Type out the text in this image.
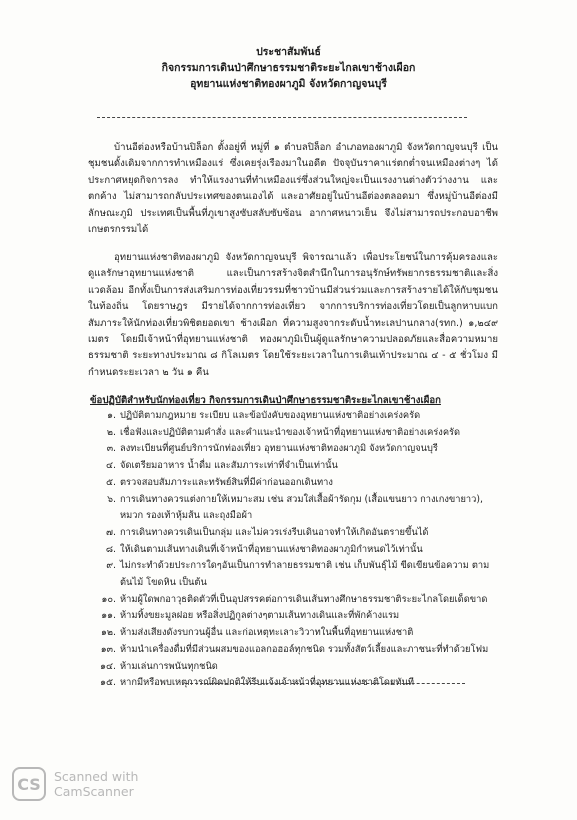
ประชาสัมพันธ์
กิจกรรมการเดินป่าศึกษาธรรมชาติระยะไกลเขาช้างเผือก
อุทยานแห่งชาติทองผาภูมิ จังหวัดกาญจนบุรี
บ้านอีต่องหรือบ้านปิล็อก ตั้งอยู่ที่ หมู่ที่ ๑ ตำบลปิล็อก อำเภอทองผาภูมิ จังหวัดกาญจนบุรี เป็นชุมชนดั้งเดิมจากการทำเหมืองแร่ ซึ่งเคยรุ่งเรืองมาในอดีต ปัจจุบันราคาแร่ตกต่ำจนเหมืองต่างๆ ได้ประกาศหยุดกิจการลง ทำให้แรงงานที่ทำเหมืองแร่ซึ่งส่วนใหญ่จะเป็นแรงงานต่างตัวว่างงาน และตกค้าง ไม่สามารถกลับประเทศของตนเองได้ และอาศัยอยู่ในบ้านอีต่องตลอดมา ซึ่งหมู่บ้านอีต่องมีลักษณะภูมิ ประเทศเป็นพื้นที่ภูเขาสูงซับสลับซับซ้อน อากาศหนาวเย็น จึงไม่สามารถประกอบอาชีพเกษตรกรรมได้
อุทยานแห่งชาติทองผาภูมิ จังหวัดกาญจนบุรี พิจารณาแล้ว เพื่อประโยชน์ในการคุ้มครองและ ดูแลรักษาอุทยานแห่งชาติ และเป็นการสร้างจิตสำนึกในการอนุรักษ์ทรัพยากรธรรมชาติและสิ่งแวดล้อม อีกทั้งเป็นการส่งเสริมการท่องเที่ยวรรมที่ชาวบ้านมีส่วนร่วมและการสร้างรายได้ให้กับชุมชนในท้องถิ่น โดยราษฎร มีรายได้จากการท่องเที่ยว จากการบริการท่องเที่ยวโดยเป็นลูกหาบแบกสัมภาระให้นักท่องเที่ยวพิชิตยอดเขา ช้างเผือก ที่ความสูงจากระดับน้ำทะเลปานกลาง(รทก.) ๑,๒๔๙ เมตร โดยมีเจ้าหน้าที่อุทยานแห่งชาติ ทองผาภูมิเป็นผู้ดูแลรักษาความปลอดภัยและสื่อความหมายธรรมชาติ ระยะทางประมาณ ๘ กิโลเมตร โดยใช้ระยะเวลาในการเดินเท้าประมาณ ๔ - ๕ ชั่วโมง มีกำหนดระยะเวลา ๒ วัน ๑ คืน
ข้อปฏิบัติสำหรับนักท่องเที่ยว กิจกรรมการเดินป่าศึกษาธรรมชาติระยะไกลเขาช้างเผือก
๑. ปฏิบัติตามกฎหมาย ระเบียบ และข้อบังคับของอุทยานแห่งชาติอย่างเคร่งครัด
๒. เชื่อฟังและปฏิบัติตามคำสั่ง และคำแนะนำของเจ้าหน้าที่อุทยานแห่งชาติอย่างเคร่งครัด
๓. ลงทะเบียนที่ศูนย์บริการนักท่องเที่ยว อุทยานแห่งชาติทองผาภูมิ จังหวัดกาญจนบุรี
๔. จัดเตรียมอาหาร น้ำดื่ม และสัมภาระเท่าที่จำเป็นเท่านั้น
๕. ตรวจสอบสัมภาระและทรัพย์สินที่มีค่าก่อนออกเดินทาง
๖. การเดินทางควรแต่งกายให้เหมาะสม เช่น สวมใส่เสื้อผ้ารัดกุม (เสื้อแขนยาว กางเกงขายาว), หมวก รองเท้าหุ้มส้น และถุงมือผ้า
๗. การเดินทางควรเดินเป็นกลุ่ม และไม่ควรเร่งรีบเดินอาจทำให้เกิดอันตรายขึ้นได้
๘. ให้เดินตามเส้นทางเดินที่เจ้าหน้าที่อุทยานแห่งชาติทองผาภูมิกำหนดไว้เท่านั้น
๙. ไม่กระทำด้วยประการใดๆอันเป็นการทำลายธรรมชาติ เช่น เก็บพันธุ์ไม้ ขีดเขียนข้อความ ตามต้นไม้ โขดหิน เป็นต้น
๑๐. ห้ามผู้ใดพกอาวุธติดตัวที่เป็นอุปสรรคต่อการเดินเส้นทางศึกษาธรรมชาติระยะไกลโดยเด็ดขาด
๑๑. ห้ามทิ้งขยะมูลฝอย หรือสิ่งปฏิกูลต่างๆตามเส้นทางเดินและที่พักค้างแรม
๑๒. ห้ามส่งเสียงดังรบกวนผู้อื่น และก่อเหตุทะเลาะวิวาทในพื้นที่อุทยานแห่งชาติ
๑๓. ห้ามนำเครื่องดื่มที่มีส่วนผสมของแอลกอฮอล์ทุกชนิด รวมทั้งสัตว์เลี้ยงและภาชนะที่ทำด้วยโฟม
๑๔. ห้ามเล่นการพนันทุกชนิด
๑๕. หากมีหรือพบเหตุการณ์ผิดปกติให้รีบแจ้งเจ้าหน้าที่อุทยานแห่งชาติโดยทันที
CS	Scanned with
CamScanner
